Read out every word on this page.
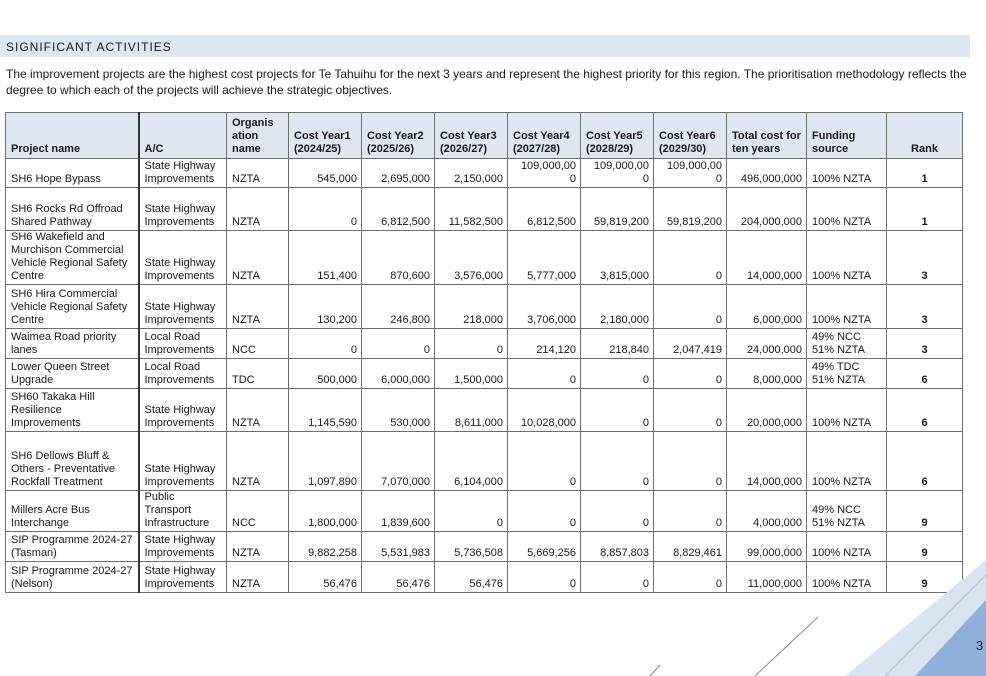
SIGNIFICANT ACTIVITIES

The improvement projects are the highest cost projects for Te Tahuihu for the next 3 years and represent the highest priority for this region. The prioritisation methodology reflects the degree to which each of the projects will achieve the strategic objectives.

Project name	A/C	Organis ation name	Cost Year1 (2024/25)	Cost Year2 (2025/26)	Cost Year3 (2026/27)	Cost Year4 (2027/28)	Cost Year5 (2028/29)	Cost Year6 (2029/30)	Total cost for ten years	Funding source	Rank
SH6 Hope Bypass	State Highway Improvements	NZTA	545,000	2,695,000	2,150,000	109,000,00 0	109,000,00 0	109,000,00 0	496,000,000	100% NZTA	1
SH6 Rocks Rd Offroad Shared Pathway	State Highway Improvements	NZTA	0	6,812,500	11,582,500	6,812,500	59,819,200	59,819,200	204,000,000	100% NZTA	1
SH6 Wakefield and Murchison Commercial Vehicle Regional Safety Centre	State Highway Improvements	NZTA	151,400	870,600	3,576,000	5,777,000	3,815,000	0	14,000,000	100% NZTA	3
SH6 Hira Commercial Vehicle Regional Safety Centre	State Highway Improvements	NZTA	130,200	246,800	218,000	3,706,000	2,180,000	0	6,000,000	100% NZTA	3
Waimea Road priority lanes	Local Road Improvements	NCC	0	0	0	214,120	218,840	2,047,419	24,000,000	49% NCC 51% NZTA	3
Lower Queen Street Upgrade	Local Road Improvements	TDC	500,000	6,000,000	1,500,000	0	0	0	8,000,000	49% TDC 51% NZTA	6
SH60 Takaka Hill Resilience Improvements	State Highway Improvements	NZTA	1,145,590	530,000	8,611,000	10,028,000	0	0	20,000,000	100% NZTA	6
SH6 Dellows Bluff & Others - Preventative Rockfall Treatment	State Highway Improvements	NZTA	1,097,890	7,070,000	6,104,000	0	0	0	14,000,000	100% NZTA	6
Millers Acre Bus Interchange	Public Transport Infrastructure	NCC	1,800,000	1,839,600	0	0	0	0	4,000,000	49% NCC 51% NZTA	9
SIP Programme 2024-27 (Tasman)	State Highway Improvements	NZTA	9,882,258	5,531,983	5,736,508	5,669,256	8,857,803	8,829,461	99,000,000	100% NZTA	9
SIP Programme 2024-27 (Nelson)	State Highway Improvements	NZTA	56,476	56,476	56,476	0	0	0	11,000,000	100% NZTA	9
3
